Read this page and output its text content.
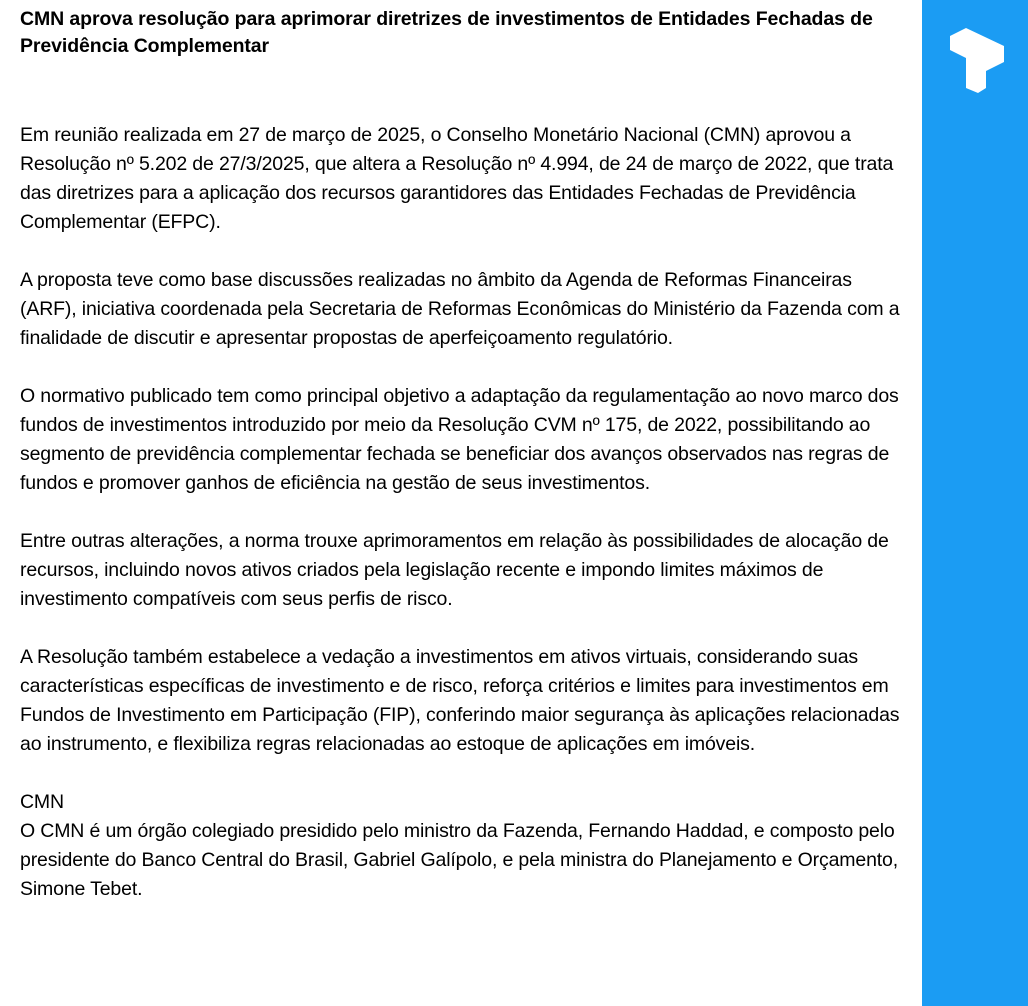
CMN aprova resolução para aprimorar diretrizes de investimentos de Entidades Fechadas de Previdência Complementar

Em reunião realizada em 27 de março de 2025, o Conselho Monetário Nacional (CMN) aprovou a Resolução nº 5.202 de 27/3/2025, que altera a Resolução nº 4.994, de 24 de março de 2022, que trata das diretrizes para a aplicação dos recursos garantidores das Entidades Fechadas de Previdência Complementar (EFPC).

A proposta teve como base discussões realizadas no âmbito da Agenda de Reformas Financeiras (ARF), iniciativa coordenada pela Secretaria de Reformas Econômicas do Ministério da Fazenda com a finalidade de discutir e apresentar propostas de aperfeiçoamento regulatório.

O normativo publicado tem como principal objetivo a adaptação da regulamentação ao novo marco dos fundos de investimentos introduzido por meio da Resolução CVM nº 175, de 2022, possibilitando ao segmento de previdência complementar fechada se beneficiar dos avanços observados nas regras de fundos e promover ganhos de eficiência na gestão de seus investimentos.

Entre outras alterações, a norma trouxe aprimoramentos em relação às possibilidades de alocação de recursos, incluindo novos ativos criados pela legislação recente e impondo limites máximos de investimento compatíveis com seus perfis de risco.

A Resolução também estabelece a vedação a investimentos em ativos virtuais, considerando suas características específicas de investimento e de risco, reforça critérios e limites para investimentos em Fundos de Investimento em Participação (FIP), conferindo maior segurança às aplicações relacionadas ao instrumento, e flexibiliza regras relacionadas ao estoque de aplicações em imóveis.

CMN
O CMN é um órgão colegiado presidido pelo ministro da Fazenda, Fernando Haddad, e composto pelo presidente do Banco Central do Brasil, Gabriel Galípolo, e pela ministra do Planejamento e Orçamento, Simone Tebet.
